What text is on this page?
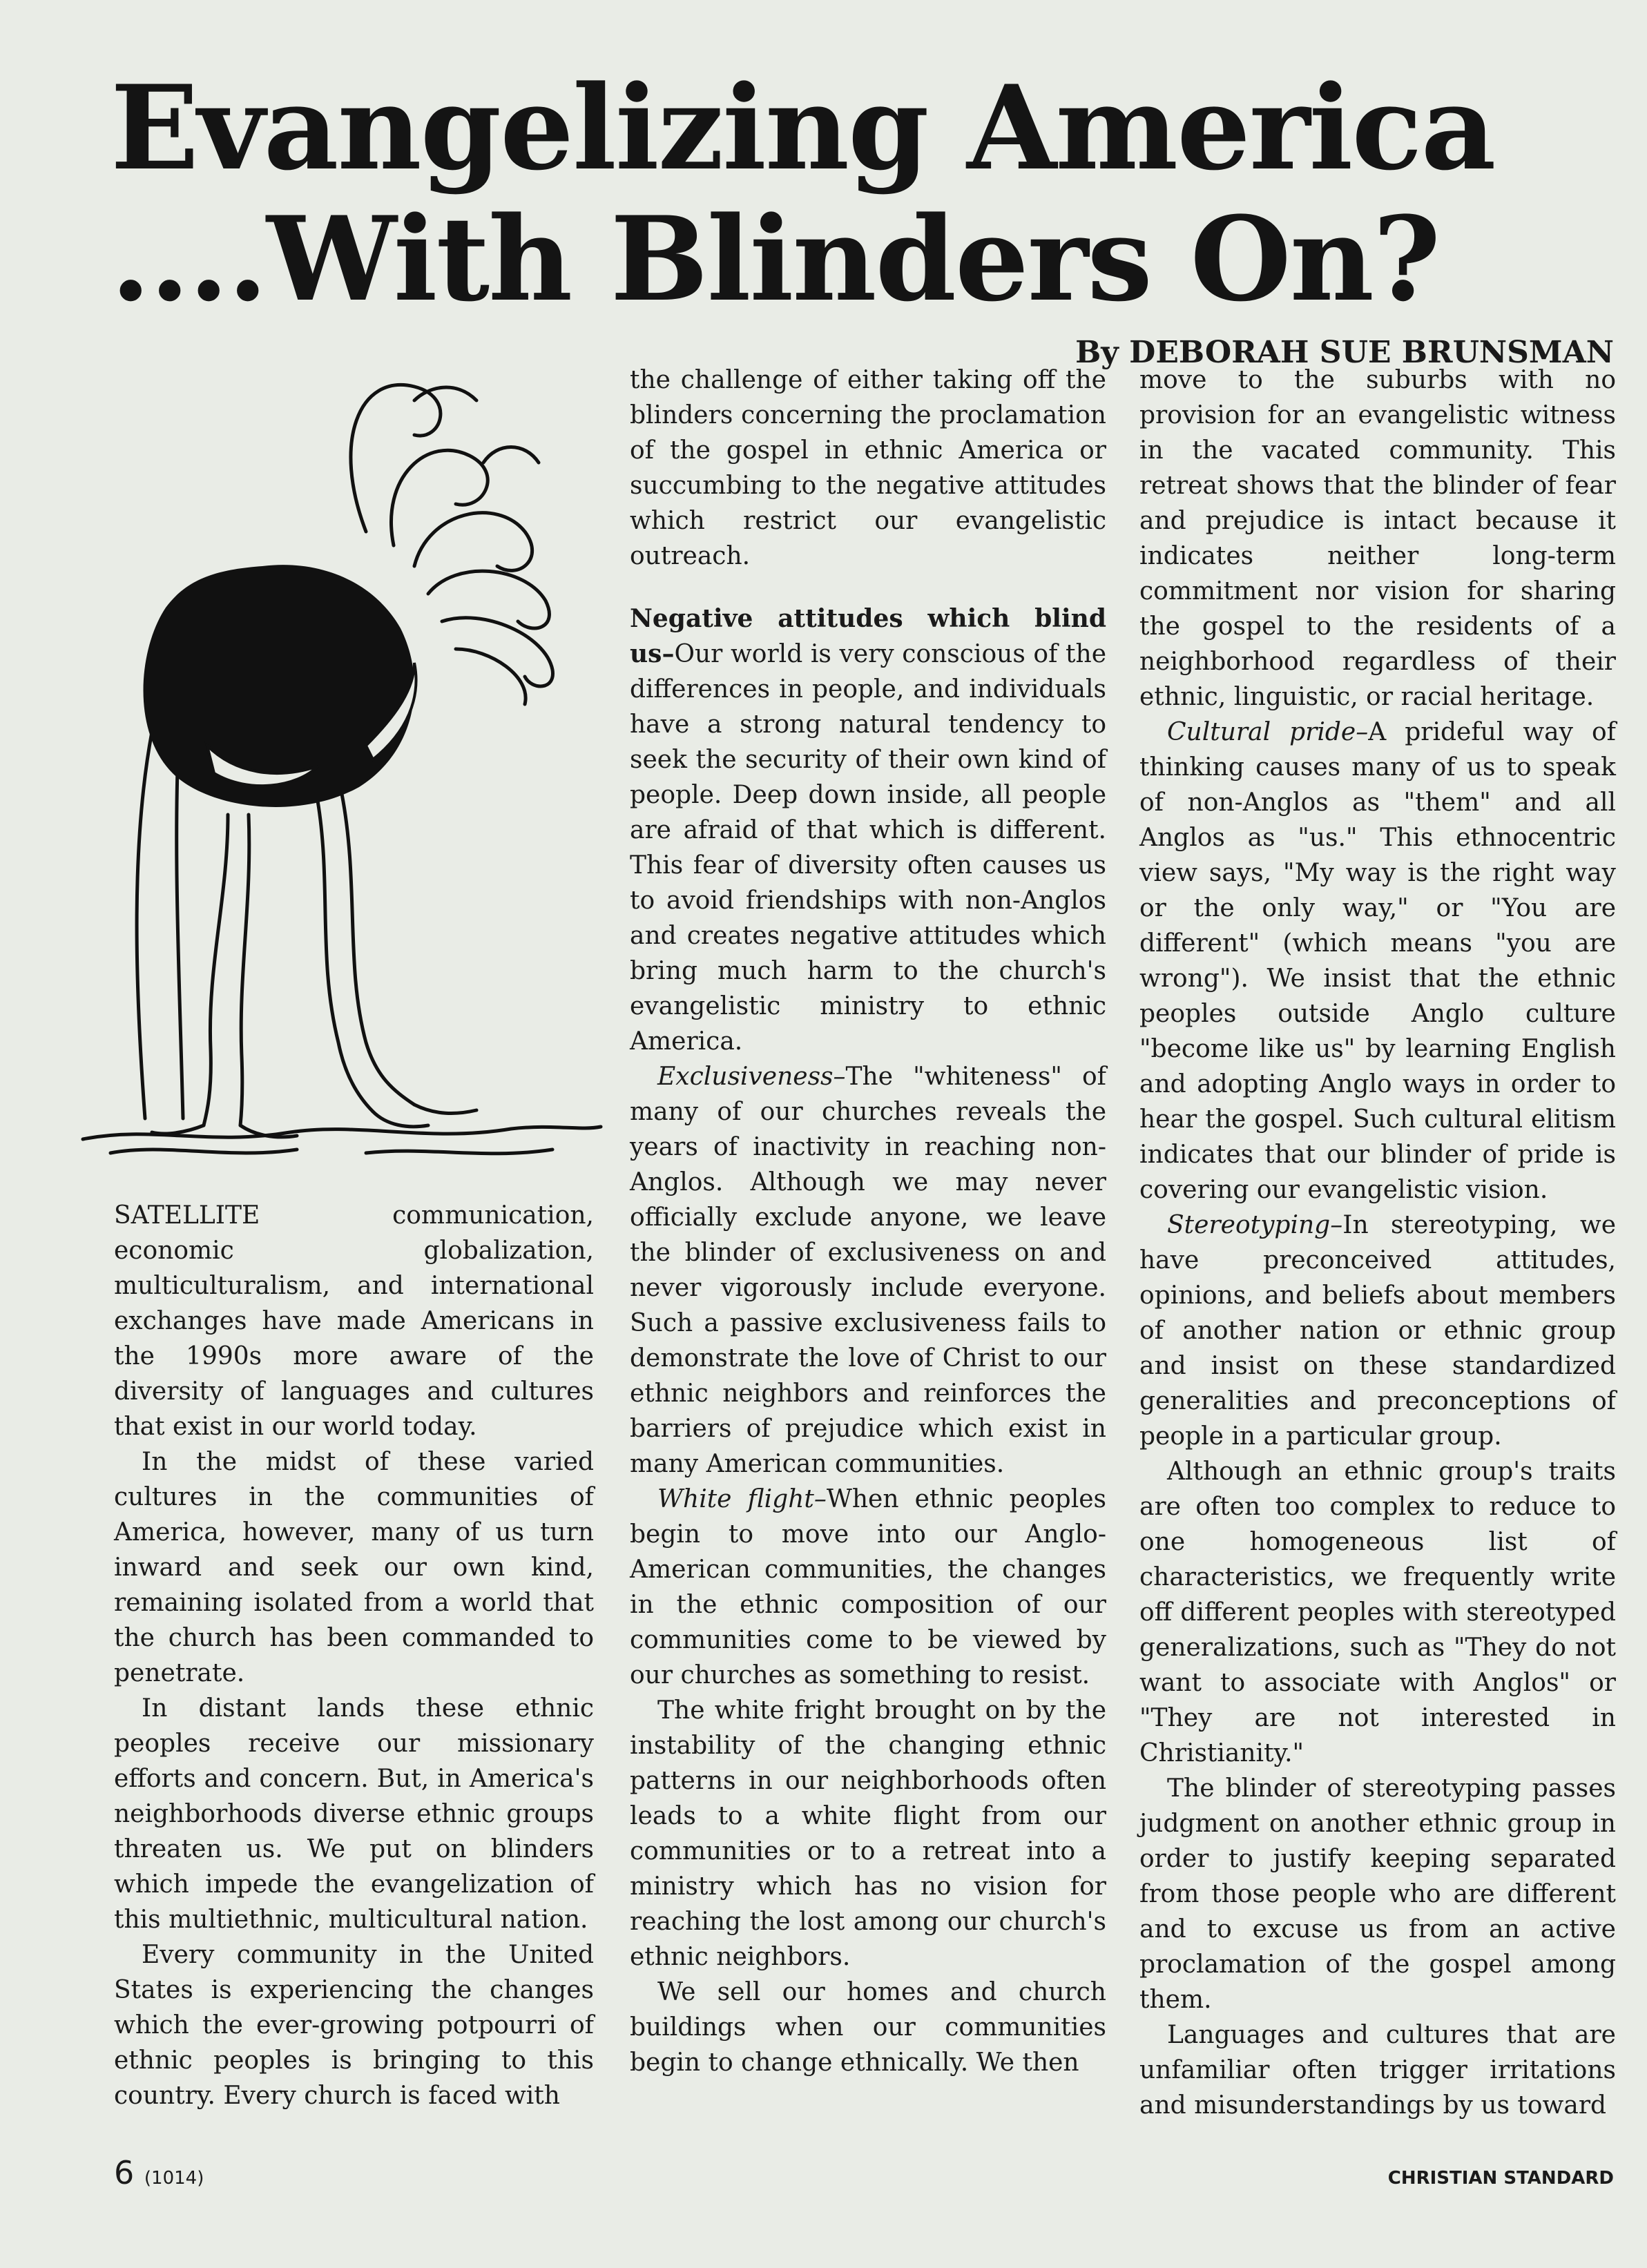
Evangelizing America
....With Blinders On?
By DEBORAH SUE BRUNSMAN

SATELLITE communication, economic globalization, multiculturalism, and international exchanges have made Americans in the 1990s more aware of the diversity of languages and cultures that exist in our world today.

In the midst of these varied cultures in the communities of America, however, many of us turn inward and seek our own kind, remaining isolated from a world that the church has been commanded to penetrate.

In distant lands these ethnic peoples receive our missionary efforts and concern. But, in America's neighborhoods diverse ethnic groups threaten us. We put on blinders which impede the evangelization of this multiethnic, multicultural nation.

Every community in the United States is experiencing the changes which the ever-growing potpourri of ethnic peoples is bringing to this country. Every church is faced with

the challenge of either taking off the blinders concerning the proclamation of the gospel in ethnic America or succumbing to the negative attitudes which restrict our evangelistic outreach.

Negative attitudes which blind us–Our world is very conscious of the differences in people, and individuals have a strong natural tendency to seek the security of their own kind of people. Deep down inside, all people are afraid of that which is different. This fear of diversity often causes us to avoid friendships with non-Anglos and creates negative attitudes which bring much harm to the church's evangelistic ministry to ethnic America.

Exclusiveness–The "whiteness" of many of our churches reveals the years of inactivity in reaching non-Anglos. Although we may never officially exclude anyone, we leave the blinder of exclusiveness on and never vigorously include everyone. Such a passive exclusiveness fails to demonstrate the love of Christ to our ethnic neighbors and reinforces the barriers of prejudice which exist in many American communities.

White flight–When ethnic peoples begin to move into our Anglo-American communities, the changes in the ethnic composition of our communities come to be viewed by our churches as something to resist.

The white fright brought on by the instability of the changing ethnic patterns in our neighborhoods often leads to a white flight from our communities or to a retreat into a ministry which has no vision for reaching the lost among our church's ethnic neighbors.

We sell our homes and church buildings when our communities begin to change ethnically. We then

move to the suburbs with no provision for an evangelistic witness in the vacated community. This retreat shows that the blinder of fear and prejudice is intact because it indicates neither long-term commitment nor vision for sharing the gospel to the residents of a neighborhood regardless of their ethnic, linguistic, or racial heritage.

Cultural pride–A prideful way of thinking causes many of us to speak of non-Anglos as "them" and all Anglos as "us." This ethnocentric view says, "My way is the right way or the only way," or "You are different" (which means "you are wrong"). We insist that the ethnic peoples outside Anglo culture "become like us" by learning English and adopting Anglo ways in order to hear the gospel. Such cultural elitism indicates that our blinder of pride is covering our evangelistic vision.

Stereotyping–In stereotyping, we have preconceived attitudes, opinions, and beliefs about members of another nation or ethnic group and insist on these standardized generalities and preconceptions of people in a particular group.

Although an ethnic group's traits are often too complex to reduce to one homogeneous list of characteristics, we frequently write off different peoples with stereotyped generalizations, such as "They do not want to associate with Anglos" or "They are not interested in Christianity."

The blinder of stereotyping passes judgment on another ethnic group in order to justify keeping separated from those people who are different and to excuse us from an active proclamation of the gospel among them.

Languages and cultures that are unfamiliar often trigger irritations and misunderstandings by us toward

6 (1014)	CHRISTIAN STANDARD
